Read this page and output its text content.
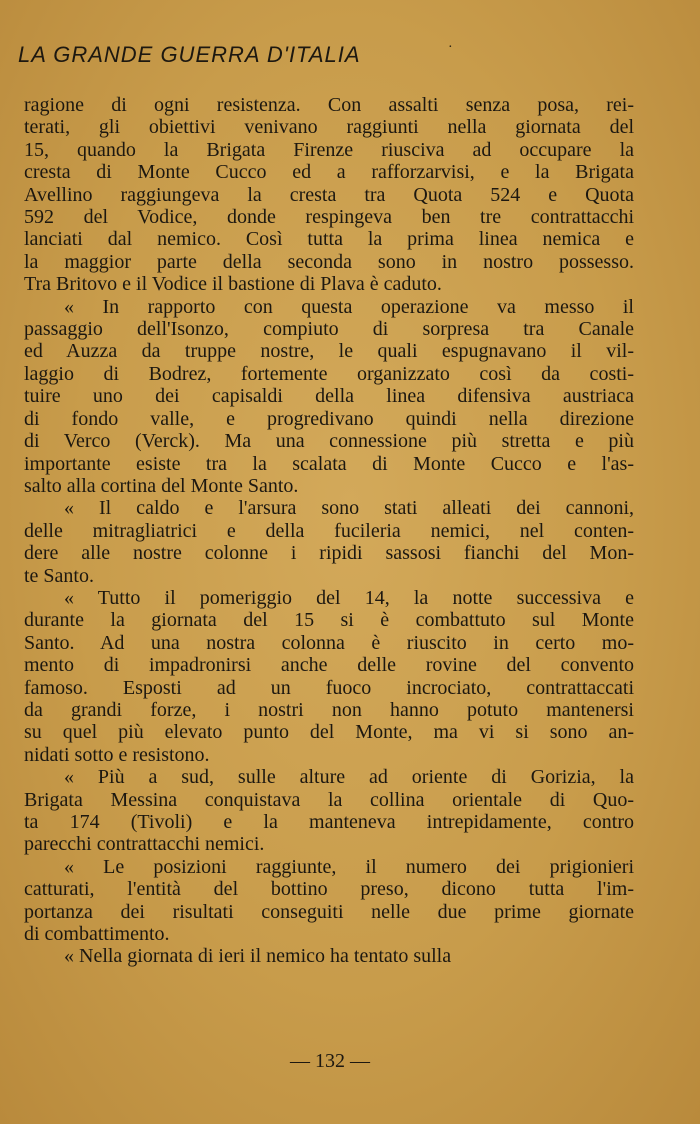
LA GRANDE GUERRA D'ITALIA	·
ragione di ogni resistenza. Con assalti senza posa, rei-
terati, gli obiettivi venivano raggiunti nella giornata del
15, quando la Brigata Firenze riusciva ad occupare la
cresta di Monte Cucco ed a rafforzarvisi, e la Brigata
Avellino raggiungeva la cresta tra Quota 524 e Quota
592 del Vodice, donde respingeva ben tre contrattacchi
lanciati dal nemico. Così tutta la prima linea nemica e
la maggior parte della seconda sono in nostro possesso.
Tra Britovo e il Vodice il bastione di Plava è caduto.
« In rapporto con questa operazione va messo il
passaggio dell'Isonzo, compiuto di sorpresa tra Canale
ed Auzza da truppe nostre, le quali espugnavano il vil-
laggio di Bodrez, fortemente organizzato così da costi-
tuire uno dei capisaldi della linea difensiva austriaca
di fondo valle, e progredivano quindi nella direzione
di Verco (Verck). Ma una connessione più stretta e più
importante esiste tra la scalata di Monte Cucco e l'as-
salto alla cortina del Monte Santo.
« Il caldo e l'arsura sono stati alleati dei cannoni,
delle mitragliatrici e della fucileria nemici, nel conten-
dere alle nostre colonne i ripidi sassosi fianchi del Mon-
te Santo.
« Tutto il pomeriggio del 14, la notte successiva e
durante la giornata del 15 si è combattuto sul Monte
Santo. Ad una nostra colonna è riuscito in certo mo-
mento di impadronirsi anche delle rovine del convento
famoso. Esposti ad un fuoco incrociato, contrattaccati
da grandi forze, i nostri non hanno potuto mantenersi
su quel più elevato punto del Monte, ma vi si sono an-
nidati sotto e resistono.
« Più a sud, sulle alture ad oriente di Gorizia, la
Brigata Messina conquistava la collina orientale di Quo-
ta 174 (Tivoli) e la manteneva intrepidamente, contro
parecchi contrattacchi nemici.
« Le posizioni raggiunte, il numero dei prigionieri
catturati, l'entità del bottino preso, dicono tutta l'im-
portanza dei risultati conseguiti nelle due prime giornate
di combattimento.
« Nella giornata di ieri il nemico ha tentato sulla
— 132 —
